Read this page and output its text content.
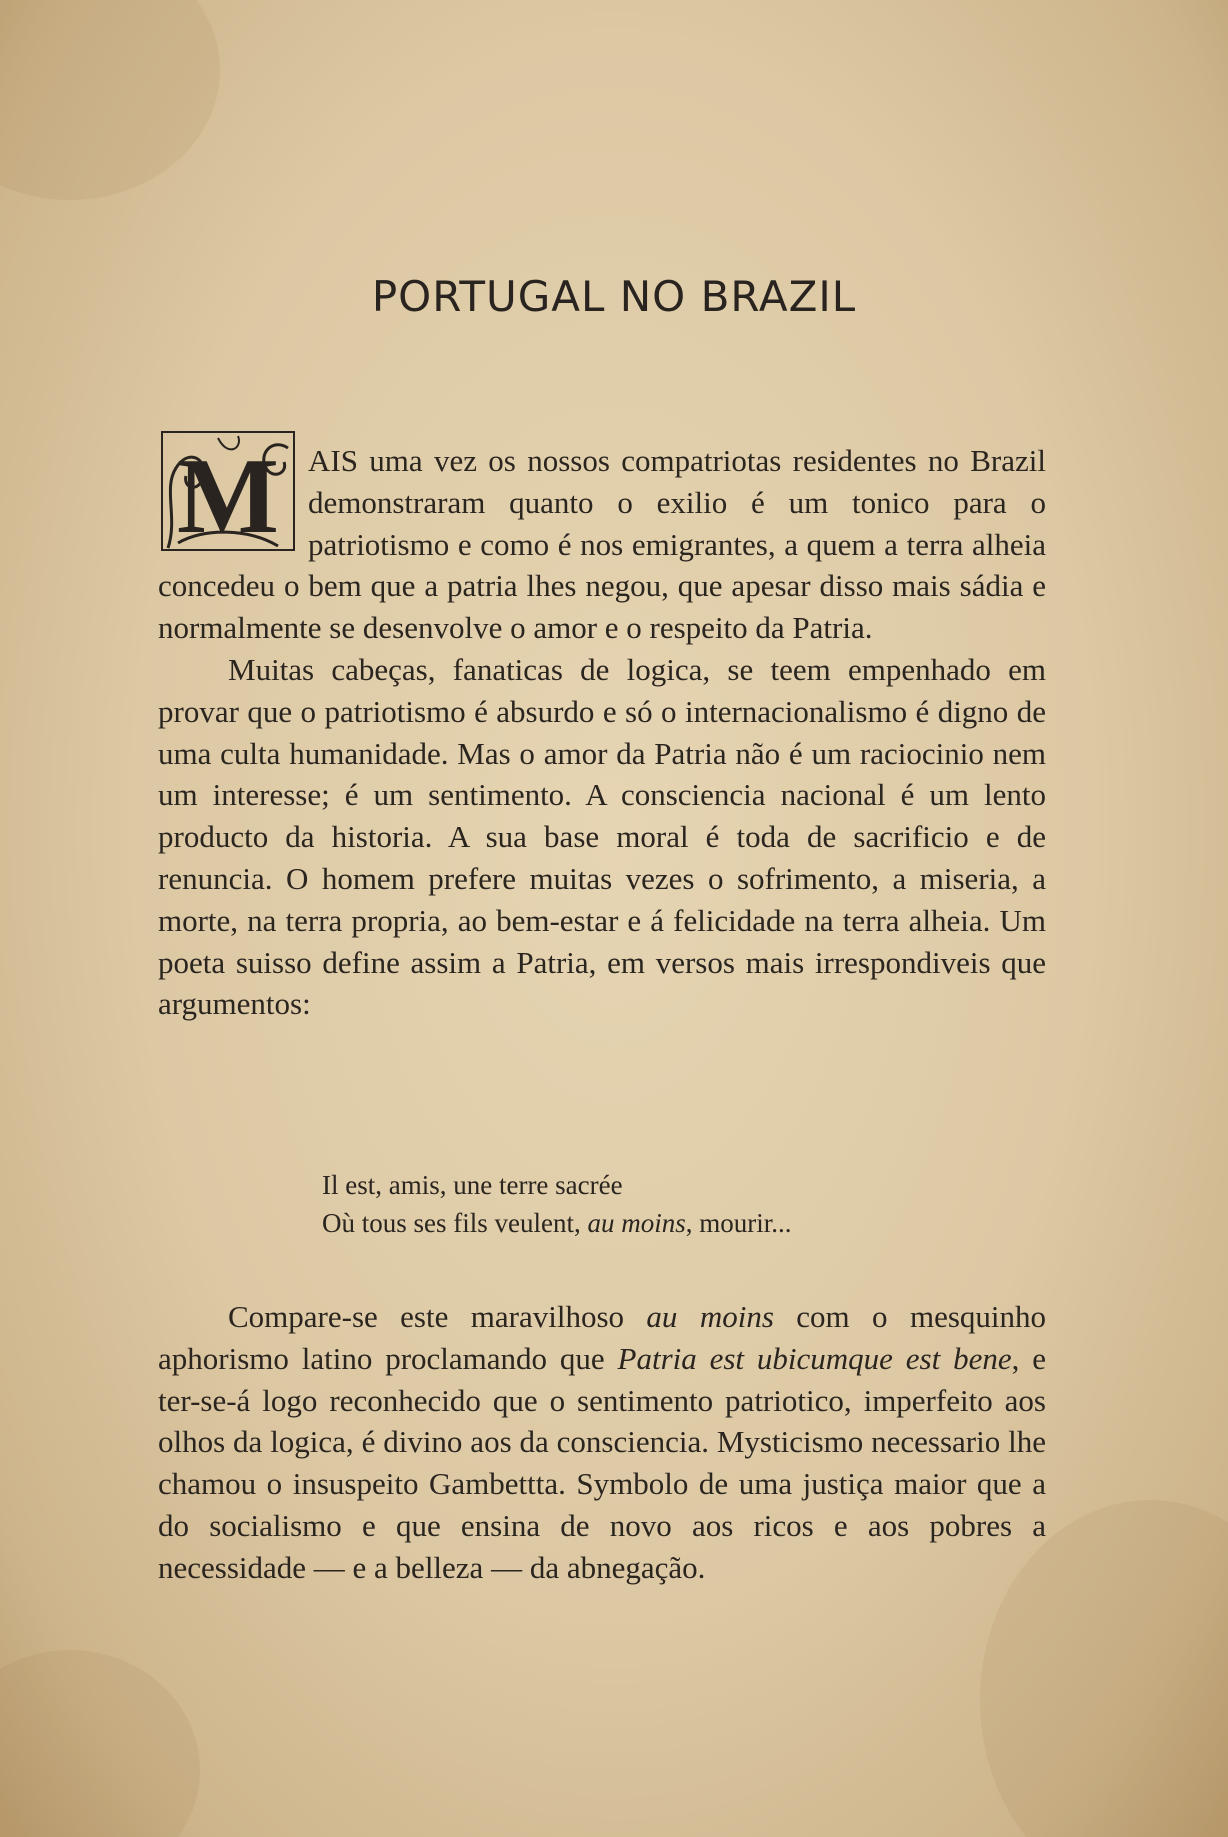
PORTUGAL NO BRAZIL
M AIS uma vez os nossos compatriotas residentes no Brazil demonstraram quanto o exilio é um tonico para o patriotismo e como é nos emigrantes, a quem a terra alheia concedeu o bem que a patria lhes negou, que apesar disso mais sádia e normalmente se desenvolve o amor e o respeito da Patria.

Muitas cabeças, fanaticas de logica, se teem empenhado em provar que o patriotismo é absurdo e só o internacionalismo é digno de uma culta humanidade. Mas o amor da Patria não é um raciocinio nem um interesse; é um sentimento. A consciencia nacional é um lento producto da historia. A sua base moral é toda de sacrificio e de renuncia. O homem prefere muitas vezes o sofrimento, a miseria, a morte, na terra propria, ao bem-estar e á felicidade na terra alheia. Um poeta suisso define assim a Patria, em versos mais irrespondiveis que argumentos:

Il est, amis, une terre sacrée
Où tous ses fils veulent, au moins, mourir...

Compare-se este maravilhoso au moins com o mesquinho aphorismo latino proclamando que Patria est ubicumque est bene, e ter-se-á logo reconhecido que o sentimento patriotico, imperfeito aos olhos da logica, é divino aos da consciencia. Mysticismo necessario lhe chamou o insuspeito Gambettta. Symbolo de uma justiça maior que a do socialismo e que ensina de novo aos ricos e aos pobres a necessidade — e a belleza — da abnegação.
